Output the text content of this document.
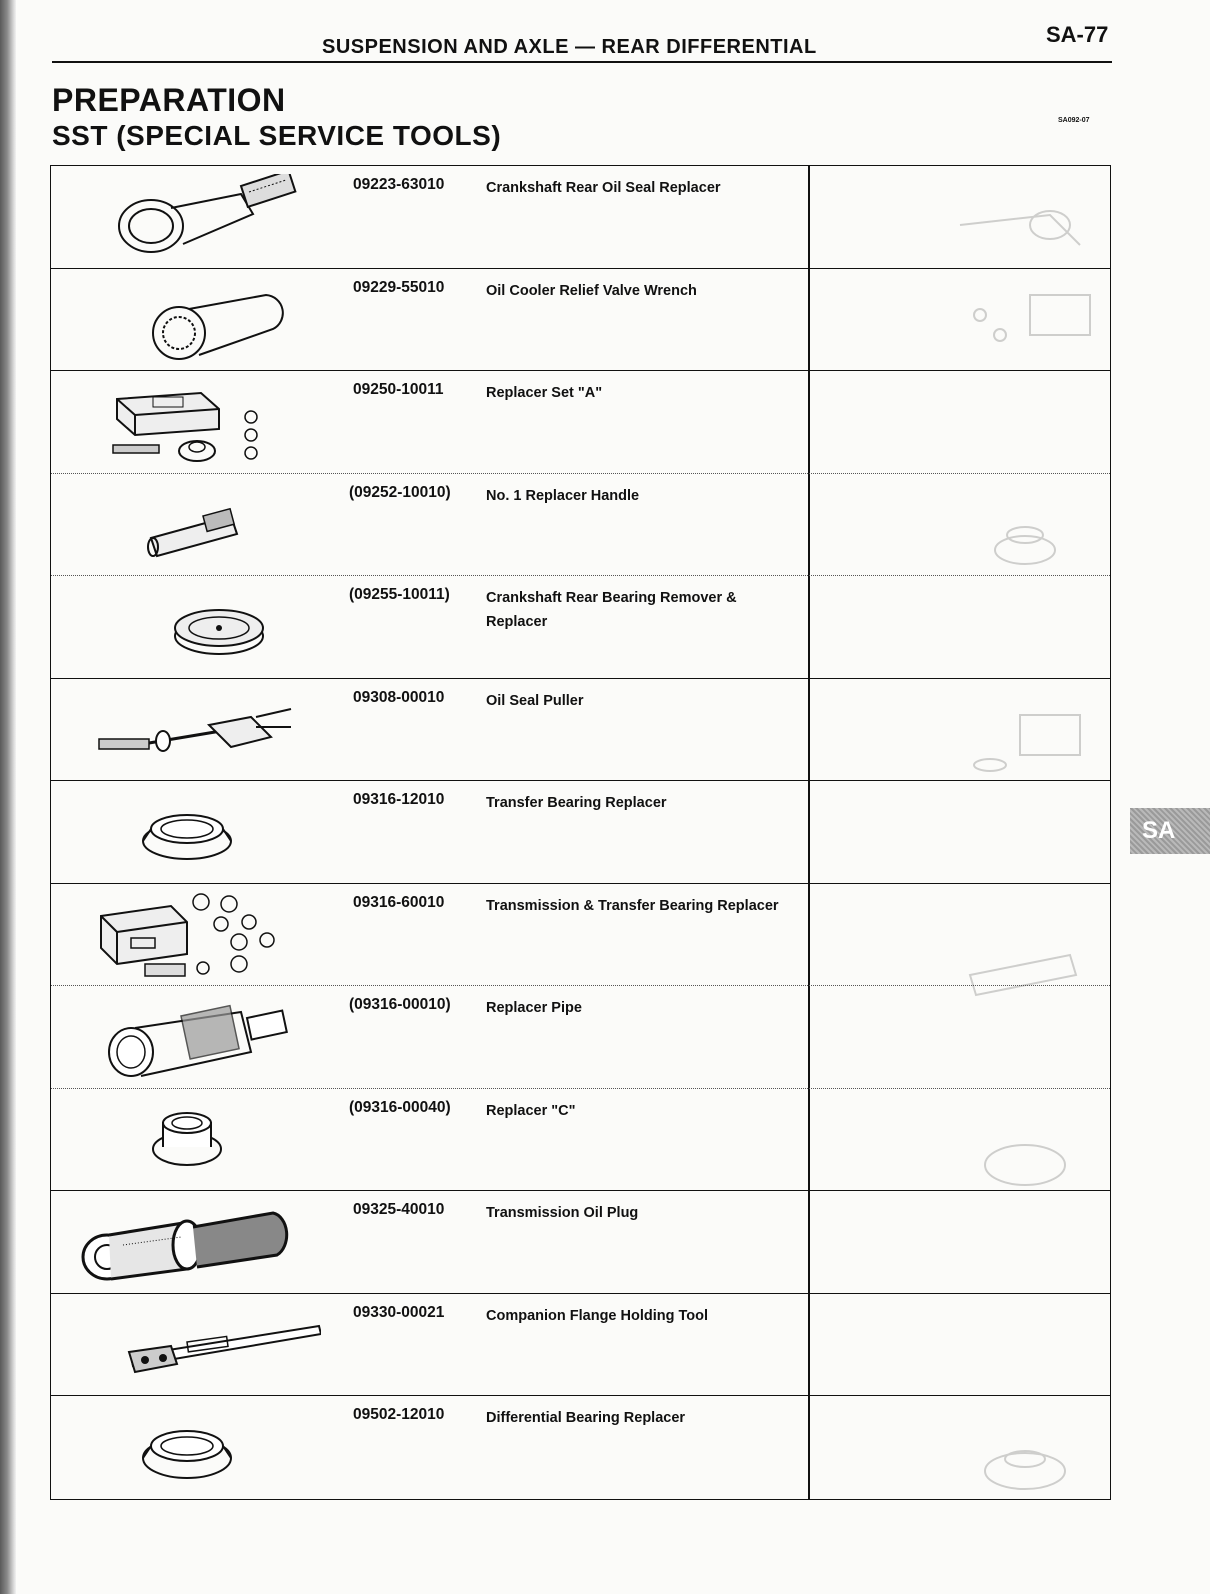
SUSPENSION AND AXLE — REAR DIFFERENTIAL	SA-77
PREPARATION
SST (SPECIAL SERVICE TOOLS)	SA092-07
SA
09223-63010	Crankshaft Rear Oil Seal Replacer
09229-55010	Oil Cooler Relief Valve Wrench
09250-10011	Replacer Set "A"
(09252-10010) No. 1 Replacer Handle
(09255-10011) Crankshaft Rear Bearing Remover & Replacer
09308-00010	Oil Seal Puller
09316-12010	Transfer Bearing Replacer
09316-60010	Transmission & Transfer Bearing Replacer
(09316-00010) Replacer Pipe
(09316-00040) Replacer "C"
09325-40010	Transmission Oil Plug
09330-00021	Companion Flange Holding Tool
09502-12010	Differential Bearing Replacer
